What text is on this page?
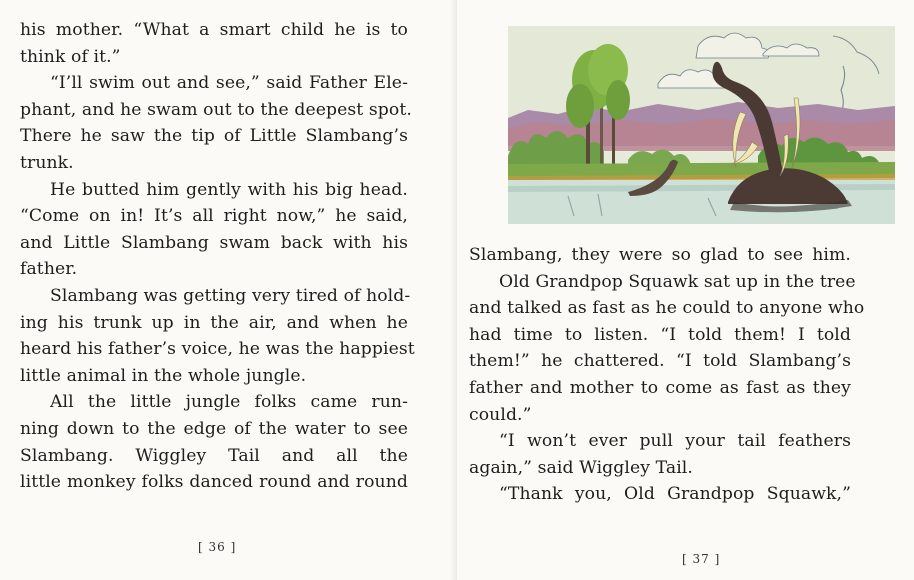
his mother. “What a smart child he is to
think of it.”
“I’ll swim out and see,” said Father Ele-
phant, and he swam out to the deepest spot.
There he saw the tip of Little Slambang’s
trunk.
He butted him gently with his big head.
“Come on in! It’s all right now,” he said,
and Little Slambang swam back with his
father.
Slambang was getting very tired of hold-
ing his trunk up in the air, and when he
heard his father’s voice, he was the happiest
little animal in the whole jungle.
All the little jungle folks came run-
ning down to the edge of the water to see
Slambang. Wiggley Tail and all the
little monkey folks danced round and round
[ 36 ]
Slambang, they were so glad to see him.
Old Grandpop Squawk sat up in the tree
and talked as fast as he could to anyone who
had time to listen. “I told them! I told
them!” he chattered. “I told Slambang’s
father and mother to come as fast as they
could.”
“I won’t ever pull your tail feathers
again,” said Wiggley Tail.
“Thank you, Old Grandpop Squawk,”
[ 37 ]
